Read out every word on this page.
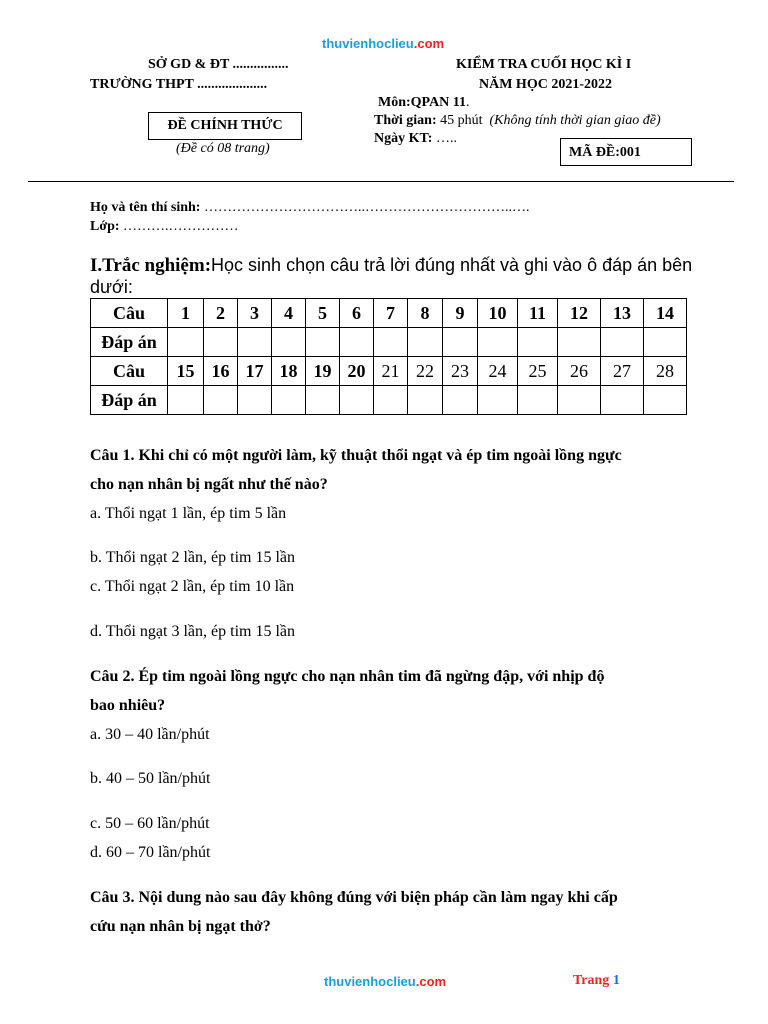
thuvienhoclieu.com
SỞ GD & ĐT ................
TRƯỜNG THPT ....................
KIỂM TRA CUỐI HỌC KÌ I
NĂM HỌC 2021-2022
Môn:QPAN 11.
Thời gian: 45 phút (Không tính thời gian giao đề)
Ngày KT: …..
ĐỀ CHÍNH THỨC
(Đề có 08 trang)	MÃ ĐỀ:001
Họ và tên thí sinh: ……………………………..…………………………..….
Lớp: ……….……………
I.Trắc nghiệm:Học sinh chọn câu trả lời đúng nhất và ghi vào ô đáp án bên
dưới:
Câu	1	2	3	4	5	6	7	8	9	10	11	12	13	14
Đáp án														
Câu	15	16	17	18	19	20	21	22	23	24	25	26	27	28
Đáp án														
Câu 1. Khi chỉ có một người làm, kỹ thuật thổi ngạt và ép tim ngoài lồng ngực
cho nạn nhân bị ngất như thế nào?
a. Thổi ngạt 1 lần, ép tim 5 lần
b. Thổi ngạt 2 lần, ép tim 15 lần
c. Thổi ngạt 2 lần, ép tim 10 lần
d. Thổi ngạt 3 lần, ép tim 15 lần
Câu 2. Ép tim ngoài lồng ngực cho nạn nhân tim đã ngừng đập, với nhịp độ
bao nhiêu?
a. 30 – 40 lần/phút
b. 40 – 50 lần/phút
c. 50 – 60 lần/phút
d. 60 – 70 lần/phút
Câu 3. Nội dung nào sau đây không đúng với biện pháp cần làm ngay khi cấp
cứu nạn nhân bị ngạt thở?
thuvienhoclieu.com	Trang 1
